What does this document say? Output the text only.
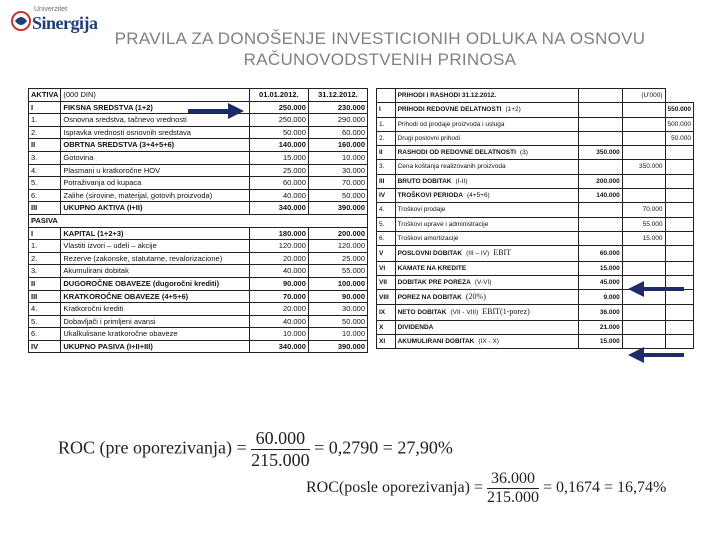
Univerzitet
Sinergija
PRAVILA ZA DONOŠENJE INVESTICIONIH ODLUKA NA OSNOVU RAČUNOVODSTVENIH PRINOSA
AKTIVA	(000 DIN)	01.01.2012.	31.12.2012.
I	FIKSNA SREDSTVA (1+2)	250.000	230.000
1.	Osnovna sredstva, tačnevo vrednosti	250.000	290.000
2.	Ispravka vrednosti osnovnih sredstava	50.000	60.000
II	OBRTNA SREDSTVA (3+4+5+6)	140.000	160.000
3.	Gotovina	15.000	10.000
4.	Plasmani u kratkoročne HOV	25.000	30.000
5.	Potraživanja od kupaca	60.000	70.000
6.	Zalihe (sirovine, materijal, gotovih proizvoda)	40.000	50.000
III	UKUPNO AKTIVA (I+II)	340.000	390.000
PASIVA			
I	KAPITAL (1+2+3)	180.000	200.000
1.	Vlastiti izvori – udeli – akcije	120.000	120.000
2.	Rezerve (zakonske, statutarne, revalorizacione)	20.000	25.000
3.	Akumulirani dobitak	40.000	55.000
II	DUGOROČNE OBAVEZE (dugoročni krediti)	90.000	100.000
III	KRATKOROČNE OBAVEZE (4+5+6)	70.000	90.000
4.	Kratkoročni krediti	20.000	30.000
5.	Dobavljači i primljeni avansi	40.000	50.000
6.	Ukalkulisane kratkoročne obaveze	10.000	10.000
IV	UKUPNO PASIVA (I+II+III)	340.000	390.000
	PRIHODI I RASHODI 31.12.2012.		(U'000)	
I	PRIHODI REDOVNE DELATNOSTI (1+2)			550.000
1.	Prihodi od prodaje proizvoda i usluga			500.000
2.	Drugi poslovni prihodi			50.000
II	RASHODI OD REDOVNE DELATNOSTI (3)	350.000		
3.	Cena koštanja realizovanih proizvoda		350.000	
III	BRUTO DOBITAK (I-II)	200.000		
IV	TROŠKOVI PERIODA (4+5+6)	140.000		
4.	Troškovi prodaje		70.000	
5.	Troškovi uprave i administracije		55.000	
6.	Troškovi amortizacije		15.000	
V	POSLOVNI DOBITAK (III – IV) EBIT	60.000		
VI	KAMATE NA KREDITE	15.000		
VII	DOBITAK PRE POREZA (V-VI)	45.000		
VIII	POREZ NA DOBITAK (20%)	9.000		
IX	NETO DOBITAK (VII - VIII) EBIT(1-porez)	36.000		
X	DIVIDENDA	21.000		
XI	AKUMULIRANI DOBITAK (IX - X)	15.000		
ROC (pre oporezivanja) = $\frac{60.000}{215.000} = 0,2790 = 27,90\%$
ROC(posle oporezivanja) = $\frac{36.000}{215.000} = 0,1674 = 16,74\%$
